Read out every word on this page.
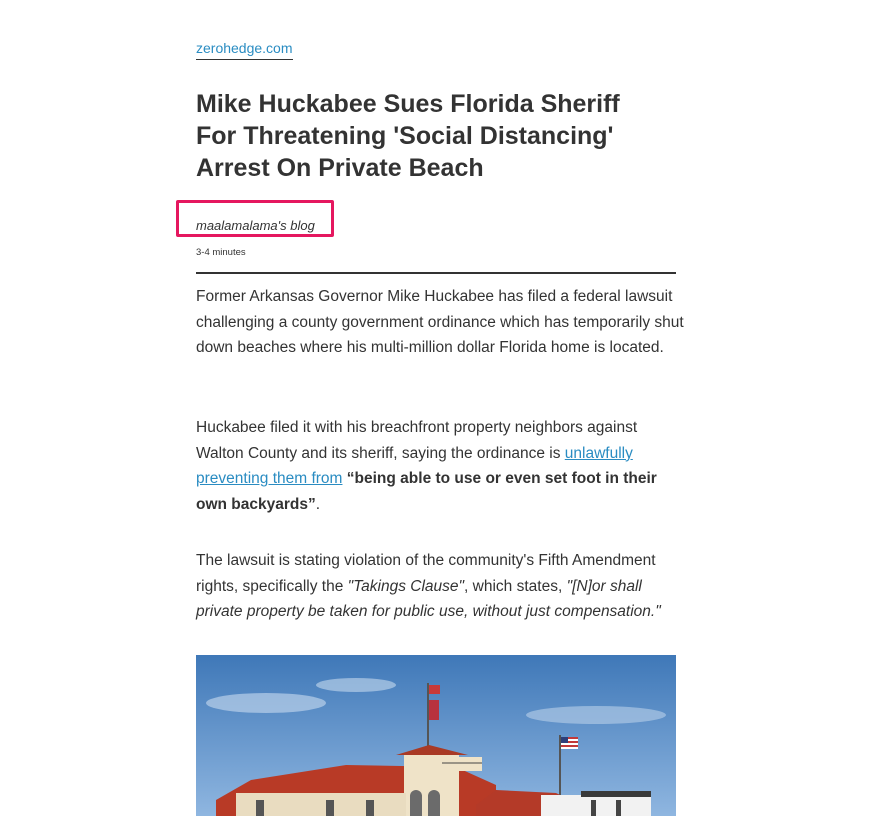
zerohedge.com
Mike Huckabee Sues Florida Sheriff For Threatening 'Social Distancing' Arrest On Private Beach
maalamalama's blog
3-4 minutes

Former Arkansas Governor Mike Huckabee has filed a federal lawsuit challenging a county government ordinance which has temporarily shut down beaches where his multi-million dollar Florida home is located.

Huckabee filed it with his breachfront property neighbors against Walton County and its sheriff, saying the ordinance is unlawfully preventing them from “being able to use or even set foot in their own backyards”.

The lawsuit is stating violation of the community's Fifth Amendment rights, specifically the "Takings Clause", which states, "[N]or shall private property be taken for public use, without just compensation."
